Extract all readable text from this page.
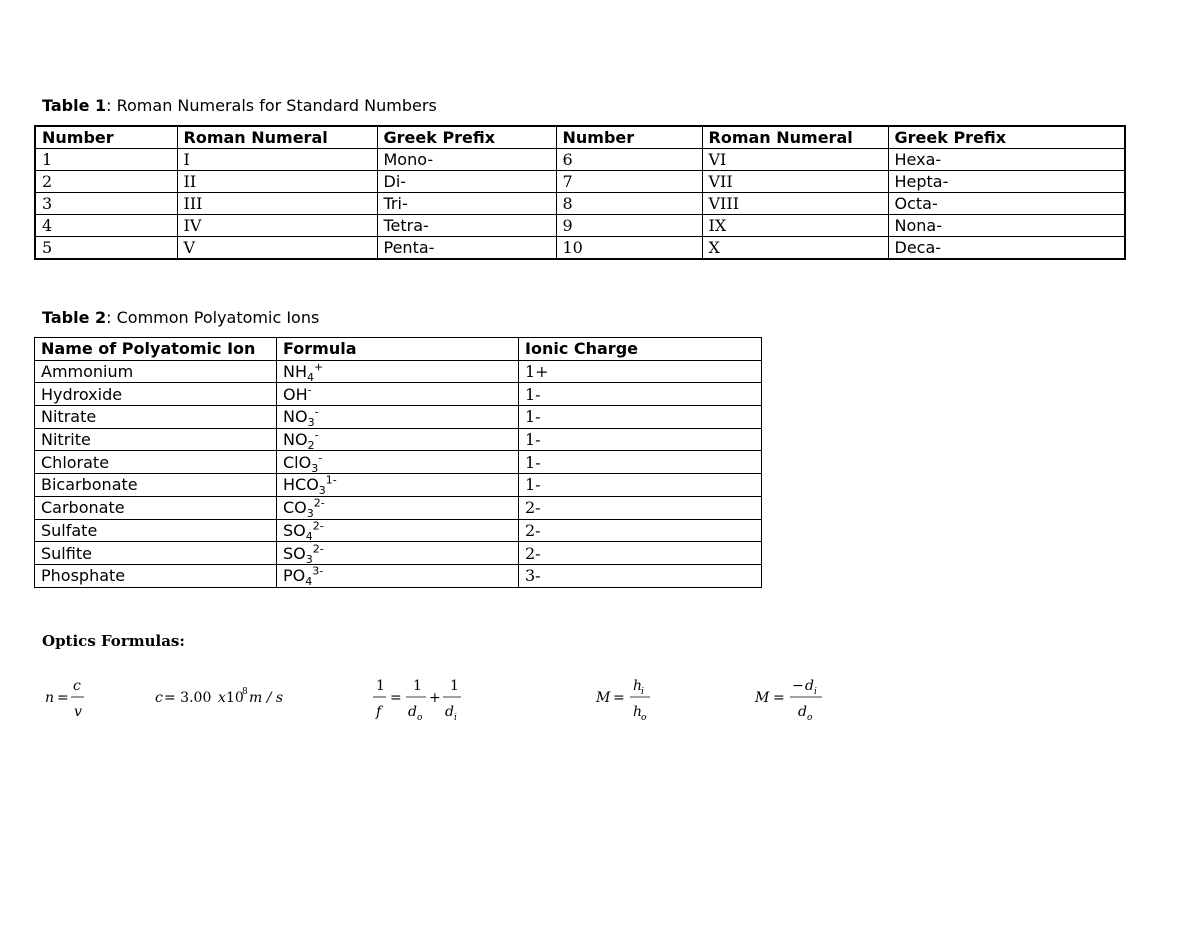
Table 1: Roman Numerals for Standard Numbers
Number	Roman Numeral	Greek Prefix	Number	Roman Numeral	Greek Prefix
1	I	Mono-	6	VI	Hexa-
2	II	Di-	7	VII	Hepta-
3	III	Tri-	8	VIII	Octa-
4	IV	Tetra-	9	IX	Nona-
5	V	Penta-	10	X	Deca-
Table 2: Common Polyatomic Ions
Name of Polyatomic Ion	Formula	Ionic Charge
Ammonium	$NH_4^+$	1+
Hydroxide	OH-	1-
Nitrate	$NO_3^-$	1-
Nitrite	$NO_2^-$	1-
Chlorate	ClO$_3$-	1-
Bicarbonate	$HCO_3^{1-}$	1-
Carbonate	$CO_3^{2-}$	2-
Sulfate	$SO_4^{2-}$	2-
Sulfite	$SO_3^{2-}$	2-
Phosphate	$PO_4^{3-}$	3-
Optics Formulas:
n =
c
v
c = 3.00 x 10
8 m / s
1
f
=
1
d o
+
1
d i
M =
h
i
h
o
M =
− d i
d o
